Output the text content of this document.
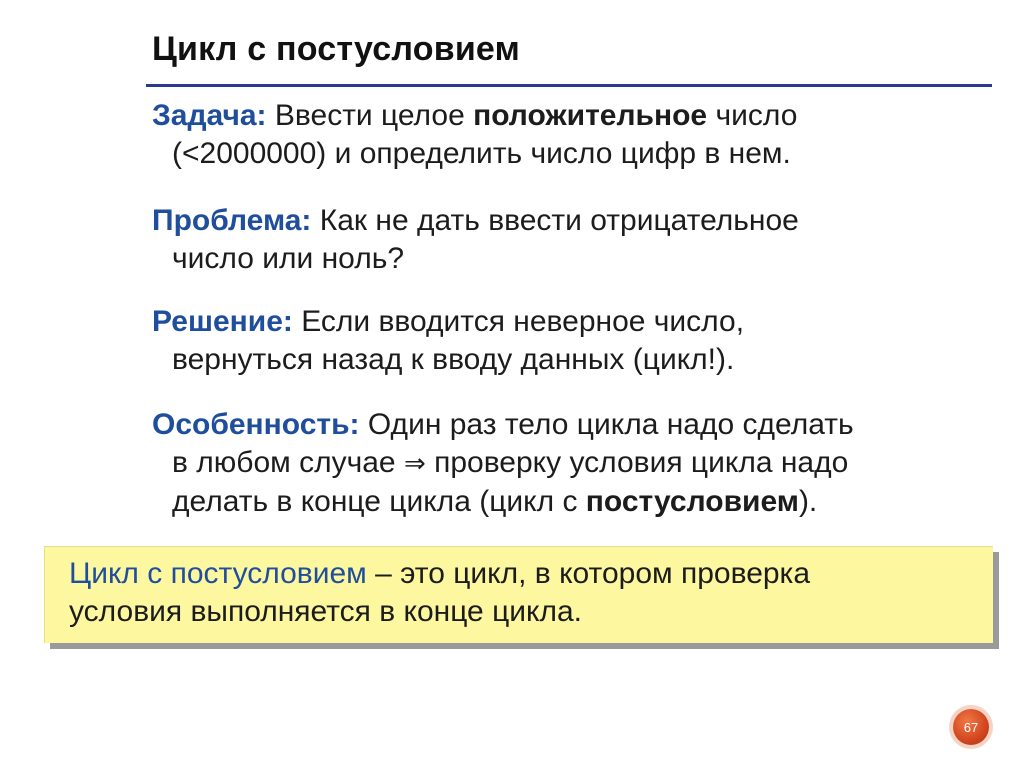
Цикл с постусловием
Задача: Ввести целое положительное число
(<2000000) и определить число цифр в нем.
Проблема: Как не дать ввести отрицательное
число или ноль?
Решение: Если вводится неверное число,
вернуться назад к вводу данных (цикл!).
Особенность: Один раз тело цикла надо сделать
в любом случае ⇒ проверку условия цикла надо
делать в конце цикла (цикл с постусловием).
Цикл с постусловием – это цикл, в котором проверка
условия выполняется в конце цикла.
67
